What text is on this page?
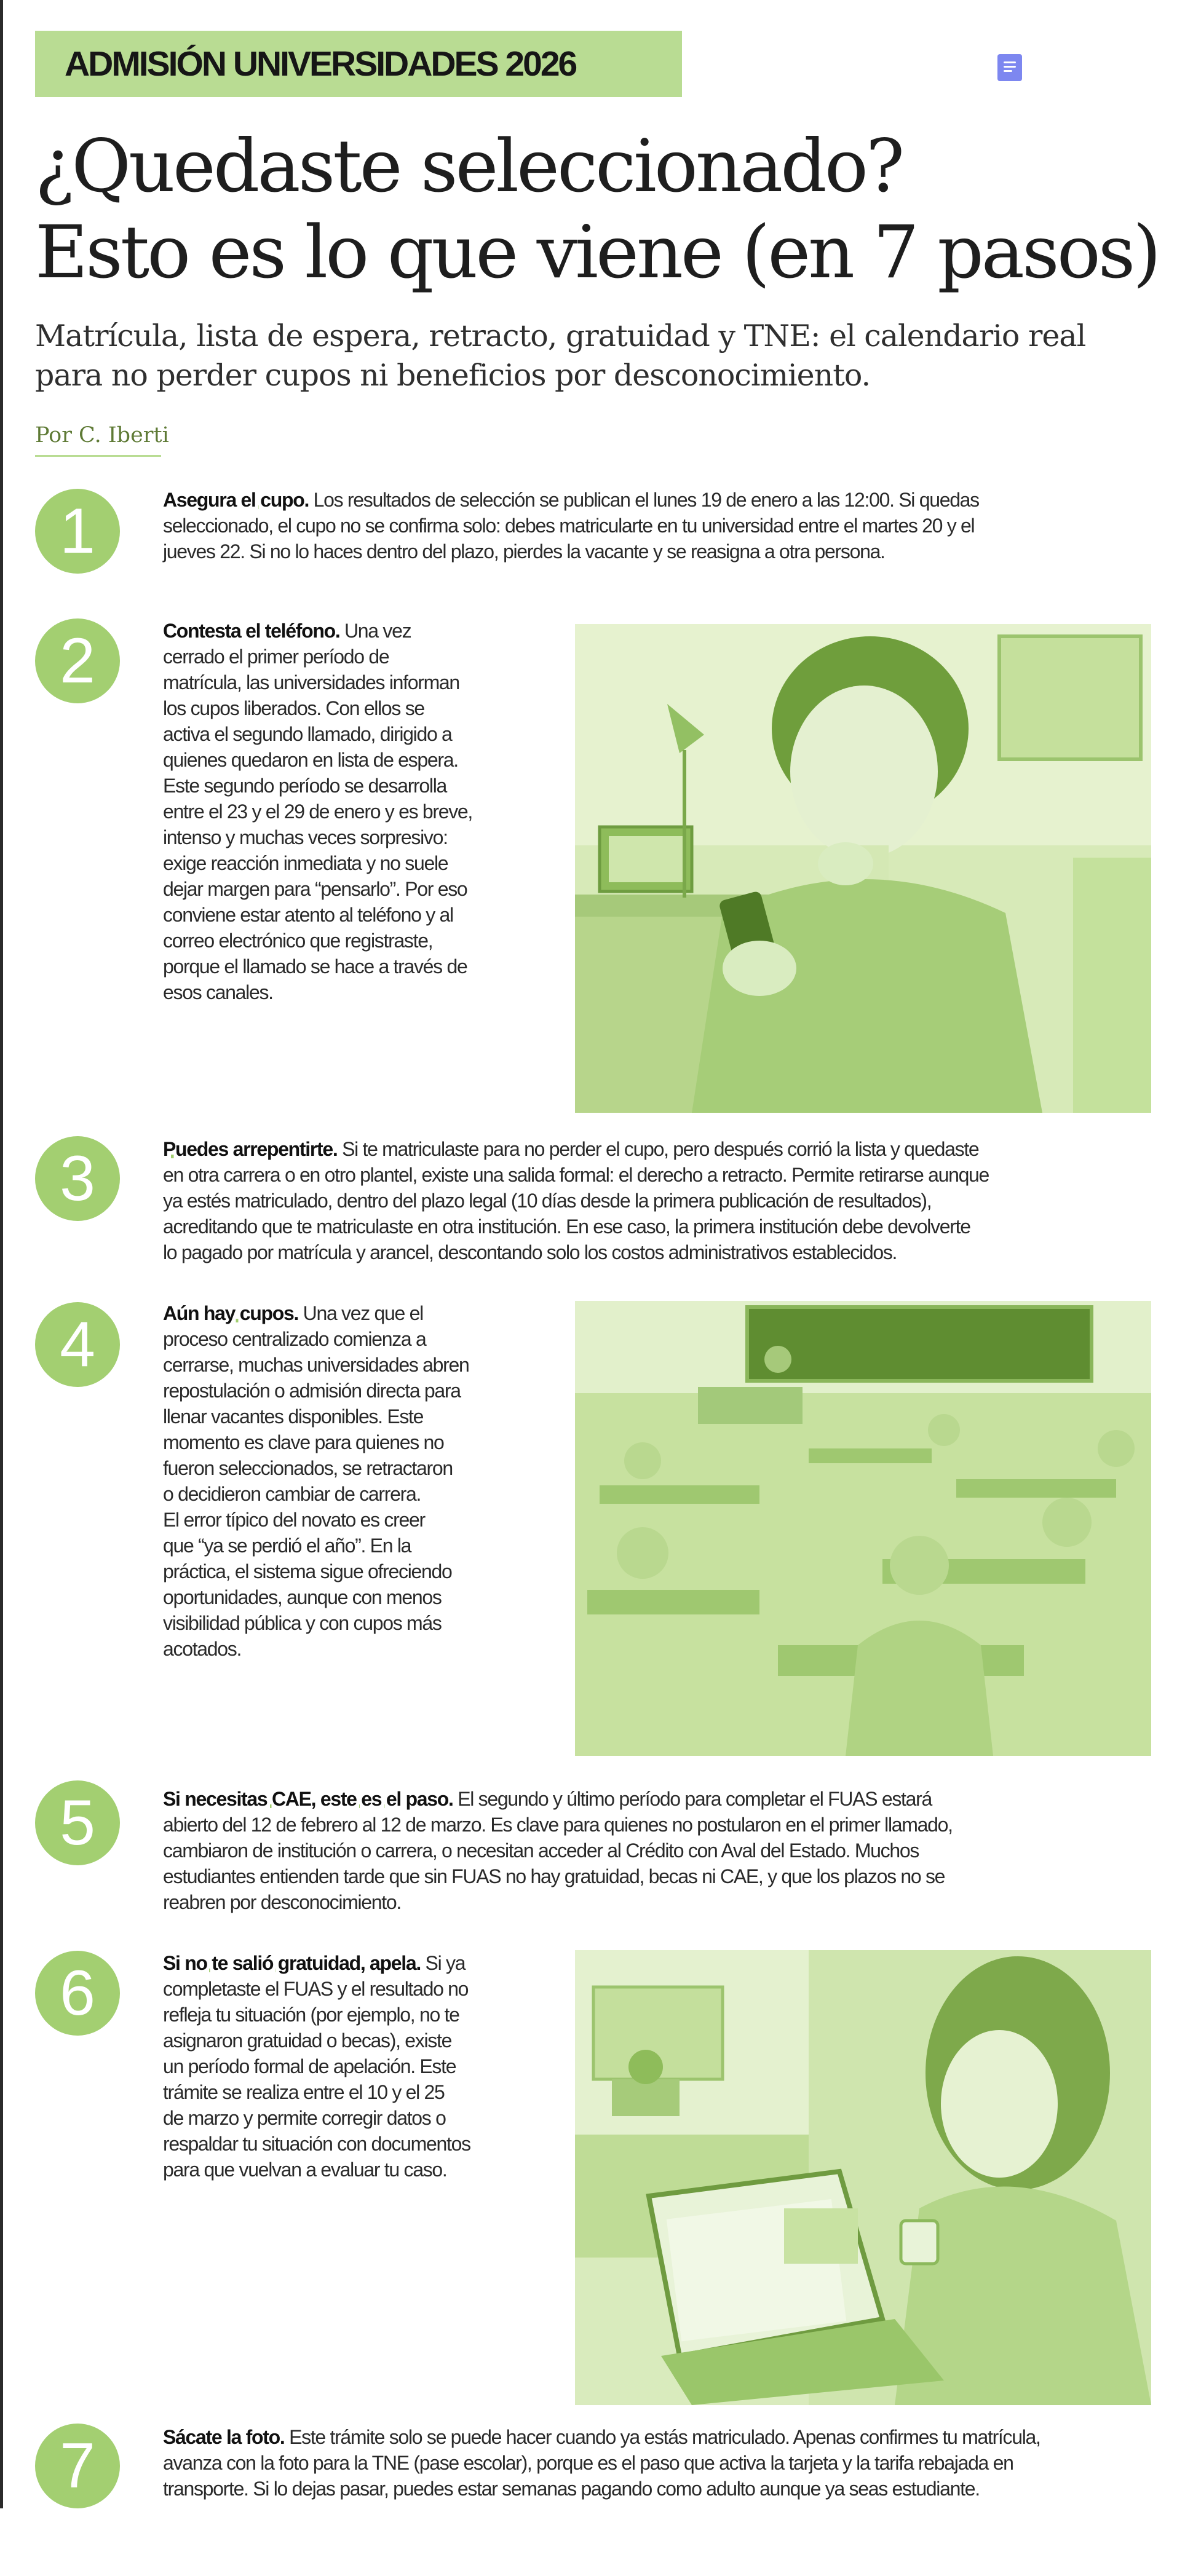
ADMISIÓN UNIVERSIDADES 2026
¿Quedaste seleccionado?
Esto es lo que viene (en 7 pasos)
Matrícula, lista de espera, retracto, gratuidad y TNE: el calendario real
para no perder cupos ni beneficios por desconocimiento.
Por C. Iberti
1	Asegura el cupo. Los resultados de selección se publican el lunes 19 de enero a las 12:00. Si quedas
seleccionado, el cupo no se confirma solo: debes matricularte en tu universidad entre el martes 20 y el
jueves 22. Si no lo haces dentro del plazo, pierdes la vacante y se reasigna a otra persona.
2	Contesta el teléfono. Una vez
cerrado el primer período de
matrícula, las universidades informan
los cupos liberados. Con ellos se
activa el segundo llamado, dirigido a
quienes quedaron en lista de espera.
Este segundo período se desarrolla
entre el 23 y el 29 de enero y es breve,
intenso y muchas veces sorpresivo:
exige reacción inmediata y no suele
dejar margen para “pensarlo”. Por eso
conviene estar atento al teléfono y al
correo electrónico que registraste,
porque el llamado se hace a través de
esos canales.
3	Puedes arrepentirte. Si te matriculaste para no perder el cupo, pero después corrió la lista y quedaste
en otra carrera o en otro plantel, existe una salida formal: el derecho a retracto. Permite retirarse aunque
ya estés matriculado, dentro del plazo legal (10 días desde la primera publicación de resultados),
acreditando que te matriculaste en otra institución. En ese caso, la primera institución debe devolverte
lo pagado por matrícula y arancel, descontando solo los costos administrativos establecidos.
4	Aún hay cupos. Una vez que el
proceso centralizado comienza a
cerrarse, muchas universidades abren
repostulación o admisión directa para
llenar vacantes disponibles. Este
momento es clave para quienes no
fueron seleccionados, se retractaron
o decidieron cambiar de carrera.
El error típico del novato es creer
que “ya se perdió el año”. En la
práctica, el sistema sigue ofreciendo
oportunidades, aunque con menos
visibilidad pública y con cupos más
acotados.
5	Si necesitas CAE, este es el paso. El segundo y último período para completar el FUAS estará
abierto del 12 de febrero al 12 de marzo. Es clave para quienes no postularon en el primer llamado,
cambiaron de institución o carrera, o necesitan acceder al Crédito con Aval del Estado. Muchos
estudiantes entienden tarde que sin FUAS no hay gratuidad, becas ni CAE, y que los plazos no se
reabren por desconocimiento.
6	Si no te salió gratuidad, apela. Si ya
completaste el FUAS y el resultado no
refleja tu situación (por ejemplo, no te
asignaron gratuidad o becas), existe
un período formal de apelación. Este
trámite se realiza entre el 10 y el 25
de marzo y permite corregir datos o
respaldar tu situación con documentos
para que vuelvan a evaluar tu caso.
7	Sácate la foto. Este trámite solo se puede hacer cuando ya estás matriculado. Apenas confirmes tu matrícula,
avanza con la foto para la TNE (pase escolar), porque es el paso que activa la tarjeta y la tarifa rebajada en
transporte. Si lo dejas pasar, puedes estar semanas pagando como adulto aunque ya seas estudiante.
